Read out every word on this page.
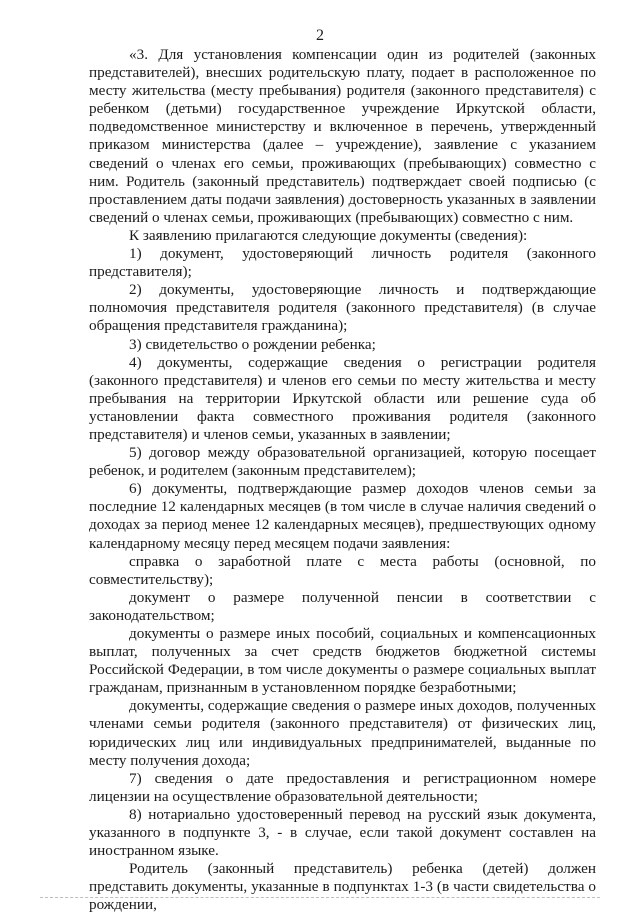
2

«3. Для установления компенсации один из родителей (законных представителей), внесших родительскую плату, подает в расположенное по месту жительства (месту пребывания) родителя (законного представителя) с ребенком (детьми) государственное учреждение Иркутской области, подведомственное министерству и включенное в перечень, утвержденный приказом министерства (далее – учреждение), заявление с указанием сведений о членах его семьи, проживающих (пребывающих) совместно с ним. Родитель (законный представитель) подтверждает своей подписью (с проставлением даты подачи заявления) достоверность указанных в заявлении сведений о членах семьи, проживающих (пребывающих) совместно с ним.

К заявлению прилагаются следующие документы (сведения):

1) документ, удостоверяющий личность родителя (законного представителя);

2) документы, удостоверяющие личность и подтверждающие полномочия представителя родителя (законного представителя) (в случае обращения представителя гражданина);

3) свидетельство о рождении ребенка;

4) документы, содержащие сведения о регистрации родителя (законного представителя) и членов его семьи по месту жительства и месту пребывания на территории Иркутской области или решение суда об установлении факта совместного проживания родителя (законного представителя) и членов семьи, указанных в заявлении;

5) договор между образовательной организацией, которую посещает ребенок, и родителем (законным представителем);

6) документы, подтверждающие размер доходов членов семьи за последние 12 календарных месяцев (в том числе в случае наличия сведений о доходах за период менее 12 календарных месяцев), предшествующих одному календарному месяцу перед месяцем подачи заявления:

справка о заработной плате с места работы (основной, по совместительству);

документ о размере полученной пенсии в соответствии с законодательством;

документы о размере иных пособий, социальных и компенсационных выплат, полученных за счет средств бюджетов бюджетной системы Российской Федерации, в том числе документы о размере социальных выплат гражданам, признанным в установленном порядке безработными;

документы, содержащие сведения о размере иных доходов, полученных членами семьи родителя (законного представителя) от физических лиц, юридических лиц или индивидуальных предпринимателей, выданные по месту получения дохода;

7) сведения о дате предоставления и регистрационном номере лицензии на осуществление образовательной деятельности;

8) нотариально удостоверенный перевод на русский язык документа, указанного в подпункте 3, - в случае, если такой документ составлен на иностранном языке.

Родитель (законный представитель) ребенка (детей) должен представить документы, указанные в подпунктах 1-3 (в части свидетельства о рождении,
